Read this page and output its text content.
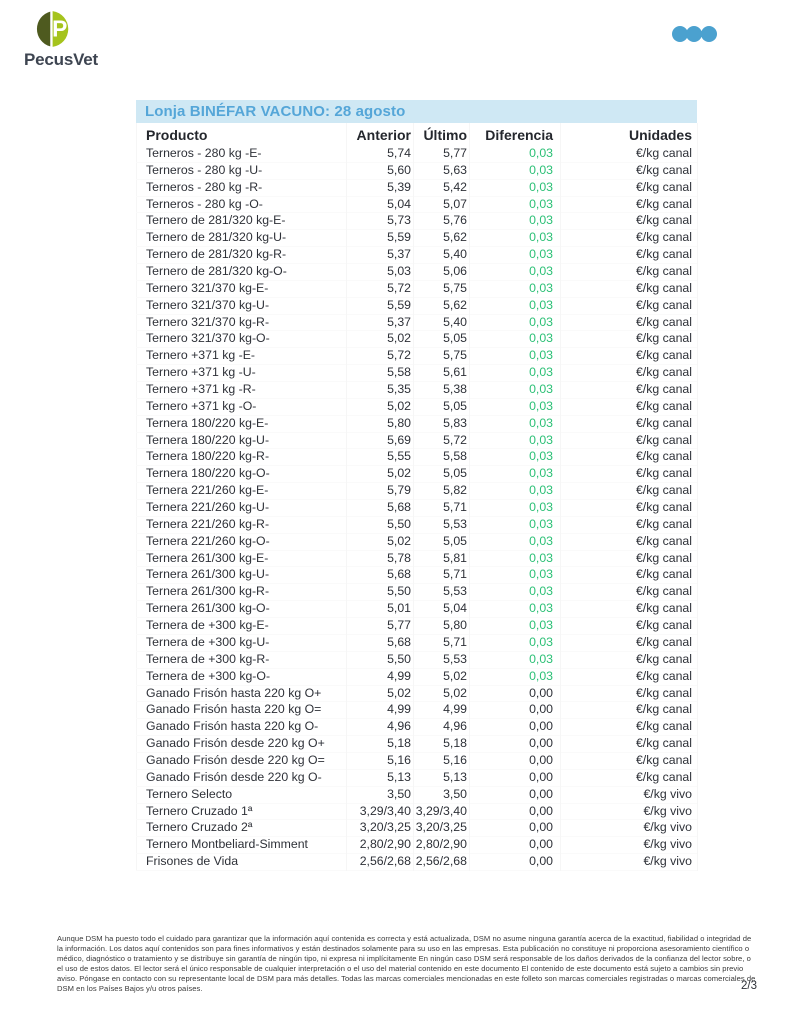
P
PecusVet
Lonja BINÉFAR VACUNO: 28 agosto
Producto	Anterior	Último	Diferencia	Unidades
Terneros - 280 kg -E-	5,74	5,77	0,03	€/kg canal
Terneros - 280 kg -U-	5,60	5,63	0,03	€/kg canal
Terneros - 280 kg -R-	5,39	5,42	0,03	€/kg canal
Terneros - 280 kg -O-	5,04	5,07	0,03	€/kg canal
Ternero de 281/320 kg-E-	5,73	5,76	0,03	€/kg canal
Ternero de 281/320 kg-U-	5,59	5,62	0,03	€/kg canal
Ternero de 281/320 kg-R-	5,37	5,40	0,03	€/kg canal
Ternero de 281/320 kg-O-	5,03	5,06	0,03	€/kg canal
Ternero 321/370 kg-E-	5,72	5,75	0,03	€/kg canal
Ternero 321/370 kg-U-	5,59	5,62	0,03	€/kg canal
Ternero 321/370 kg-R-	5,37	5,40	0,03	€/kg canal
Ternero 321/370 kg-O-	5,02	5,05	0,03	€/kg canal
Ternero +371 kg -E-	5,72	5,75	0,03	€/kg canal
Ternero +371 kg -U-	5,58	5,61	0,03	€/kg canal
Ternero +371 kg -R-	5,35	5,38	0,03	€/kg canal
Ternero +371 kg -O-	5,02	5,05	0,03	€/kg canal
Ternera 180/220 kg-E-	5,80	5,83	0,03	€/kg canal
Ternera 180/220 kg-U-	5,69	5,72	0,03	€/kg canal
Ternera 180/220 kg-R-	5,55	5,58	0,03	€/kg canal
Ternera 180/220 kg-O-	5,02	5,05	0,03	€/kg canal
Ternera 221/260 kg-E-	5,79	5,82	0,03	€/kg canal
Ternera 221/260 kg-U-	5,68	5,71	0,03	€/kg canal
Ternera 221/260 kg-R-	5,50	5,53	0,03	€/kg canal
Ternera 221/260 kg-O-	5,02	5,05	0,03	€/kg canal
Ternera 261/300 kg-E-	5,78	5,81	0,03	€/kg canal
Ternera 261/300 kg-U-	5,68	5,71	0,03	€/kg canal
Ternera 261/300 kg-R-	5,50	5,53	0,03	€/kg canal
Ternera 261/300 kg-O-	5,01	5,04	0,03	€/kg canal
Ternera de +300 kg-E-	5,77	5,80	0,03	€/kg canal
Ternera de +300 kg-U-	5,68	5,71	0,03	€/kg canal
Ternera de +300 kg-R-	5,50	5,53	0,03	€/kg canal
Ternera de +300 kg-O-	4,99	5,02	0,03	€/kg canal
Ganado Frisón hasta 220 kg O+	5,02	5,02	0,00	€/kg canal
Ganado Frisón hasta 220 kg O=	4,99	4,99	0,00	€/kg canal
Ganado Frisón hasta 220 kg O-	4,96	4,96	0,00	€/kg canal
Ganado Frisón desde 220 kg O+	5,18	5,18	0,00	€/kg canal
Ganado Frisón desde 220 kg O=	5,16	5,16	0,00	€/kg canal
Ganado Frisón desde 220 kg O-	5,13	5,13	0,00	€/kg canal
Ternero Selecto	3,50	3,50	0,00	€/kg vivo
Ternero Cruzado 1ª	3,29/3,40	3,29/3,40	0,00	€/kg vivo
Ternero Cruzado 2ª	3,20/3,25	3,20/3,25	0,00	€/kg vivo
Ternero Montbeliard-Simment	2,80/2,90	2,80/2,90	0,00	€/kg vivo
Frisones de Vida	2,56/2,68	2,56/2,68	0,00	€/kg vivo
Aunque DSM ha puesto todo el cuidado para garantizar que la información aquí contenida es correcta y está actualizada, DSM no asume ninguna garantía acerca de la exactitud, fiabilidad o integridad de la información. Los datos aquí contenidos son para fines informativos y están destinados solamente para su uso en las empresas. Esta publicación no constituye ni proporciona asesoramiento científico o médico, diagnóstico o tratamiento y se distribuye sin garantía de ningún tipo, ni expresa ni implícitamente En ningún caso DSM será responsable de los daños derivados de la confianza del lector sobre, o el uso de estos datos. El lector será el único responsable de cualquier interpretación o el uso del material contenido en este documento El contenido de este documento está sujeto a cambios sin previo aviso. Póngase en contacto con su representante local de DSM para más detalles. Todas las marcas comerciales mencionadas en este folleto son marcas comerciales registradas o marcas comerciales de DSM en los Países Bajos y/u otros países.	2/3
